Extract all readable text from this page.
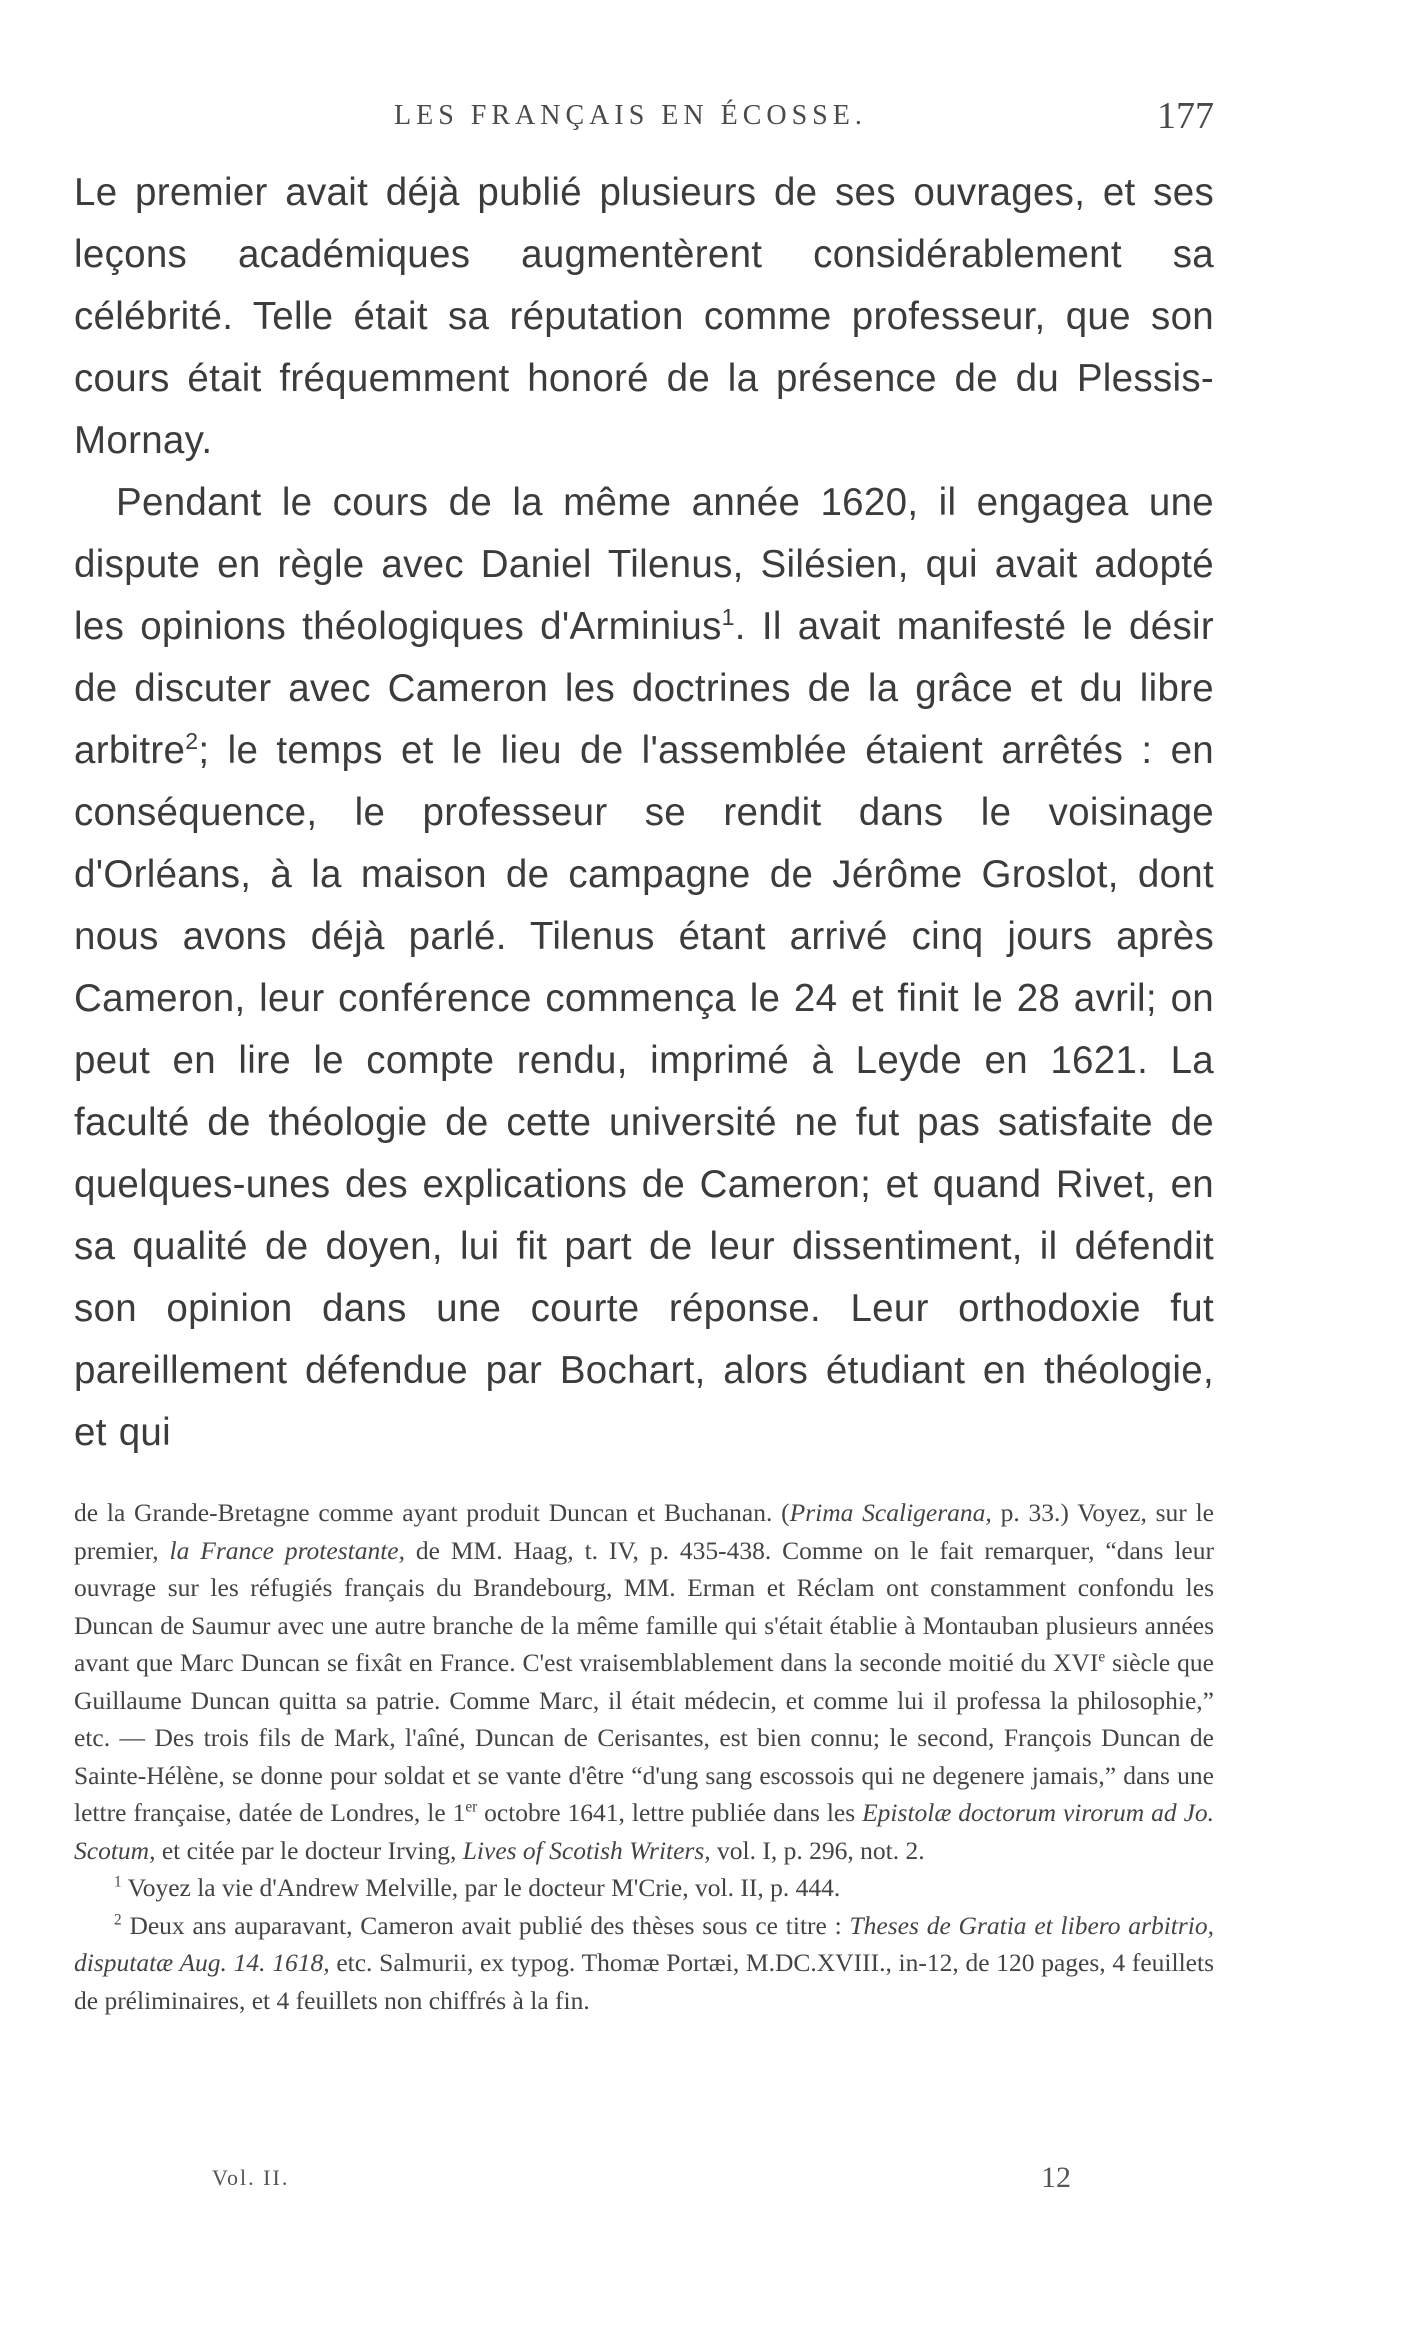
LES FRANÇAIS EN ÉCOSSE.	177

Le premier avait déjà publié plusieurs de ses ouvrages, et ses leçons académiques augmentèrent considérablement sa célébrité. Telle était sa réputation comme professeur, que son cours était fréquemment honoré de la présence de du Plessis-Mornay.

Pendant le cours de la même année 1620, il engagea une dispute en règle avec Daniel Tilenus, Silésien, qui avait adopté les opinions théologiques d'Arminius$^1$. Il avait manifesté le désir de discuter avec Cameron les doctrines de la grâce et du libre arbitre$^2$; le temps et le lieu de l'assemblée étaient arrêtés : en conséquence, le professeur se rendit dans le voisinage d'Orléans, à la maison de campagne de Jérôme Groslot, dont nous avons déjà parlé. Tilenus étant arrivé cinq jours après Cameron, leur conférence commença le 24 et finit le 28 avril; on peut en lire le compte rendu, imprimé à Leyde en 1621. La faculté de théologie de cette université ne fut pas satisfaite de quelques-unes des explications de Cameron; et quand Rivet, en sa qualité de doyen, lui fit part de leur dissentiment, il défendit son opinion dans une courte réponse. Leur orthodoxie fut pareillement défendue par Bochart, alors étudiant en théologie, et qui

de la Grande-Bretagne comme ayant produit Duncan et Buchanan. (Prima Scaligerana, p. 33.) Voyez, sur le premier, la France protestante, de MM. Haag, t. IV, p. 435-438. Comme on le fait remarquer, “dans leur ouvrage sur les réfugiés français du Brandebourg, MM. Erman et Réclam ont constamment confondu les Duncan de Saumur avec une autre branche de la même famille qui s'était établie à Montauban plusieurs années avant que Marc Duncan se fixât en France. C'est vraisemblablement dans la seconde moitié du XVIe siècle que Guillaume Duncan quitta sa patrie. Comme Marc, il était médecin, et comme lui il professa la philosophie,” etc. — Des trois fils de Mark, l'aîné, Duncan de Cerisantes, est bien connu; le second, François Duncan de Sainte-Hélène, se donne pour soldat et se vante d'être “d'ung sang escossois qui ne degenere jamais,” dans une lettre française, datée de Londres, le 1er octobre 1641, lettre publiée dans les Epistolæ doctorum virorum ad Jo. Scotum, et citée par le docteur Irving, Lives of Scotish Writers, vol. I, p. 296, not. 2.

$^1$ Voyez la vie d'Andrew Melville, par le docteur M'Crie, vol. II, p. 444.

$^2$ Deux ans auparavant, Cameron avait publié des thèses sous ce titre : Theses de Gratia et libero arbitrio, disputatæ Aug. 14. 1618, etc. Salmurii, ex typog. Thomæ Portæi, M.DC.XVIII., in-12, de 120 pages, 4 feuillets de préliminaires, et 4 feuillets non chiffrés à la fin.

Vol. II.	12
